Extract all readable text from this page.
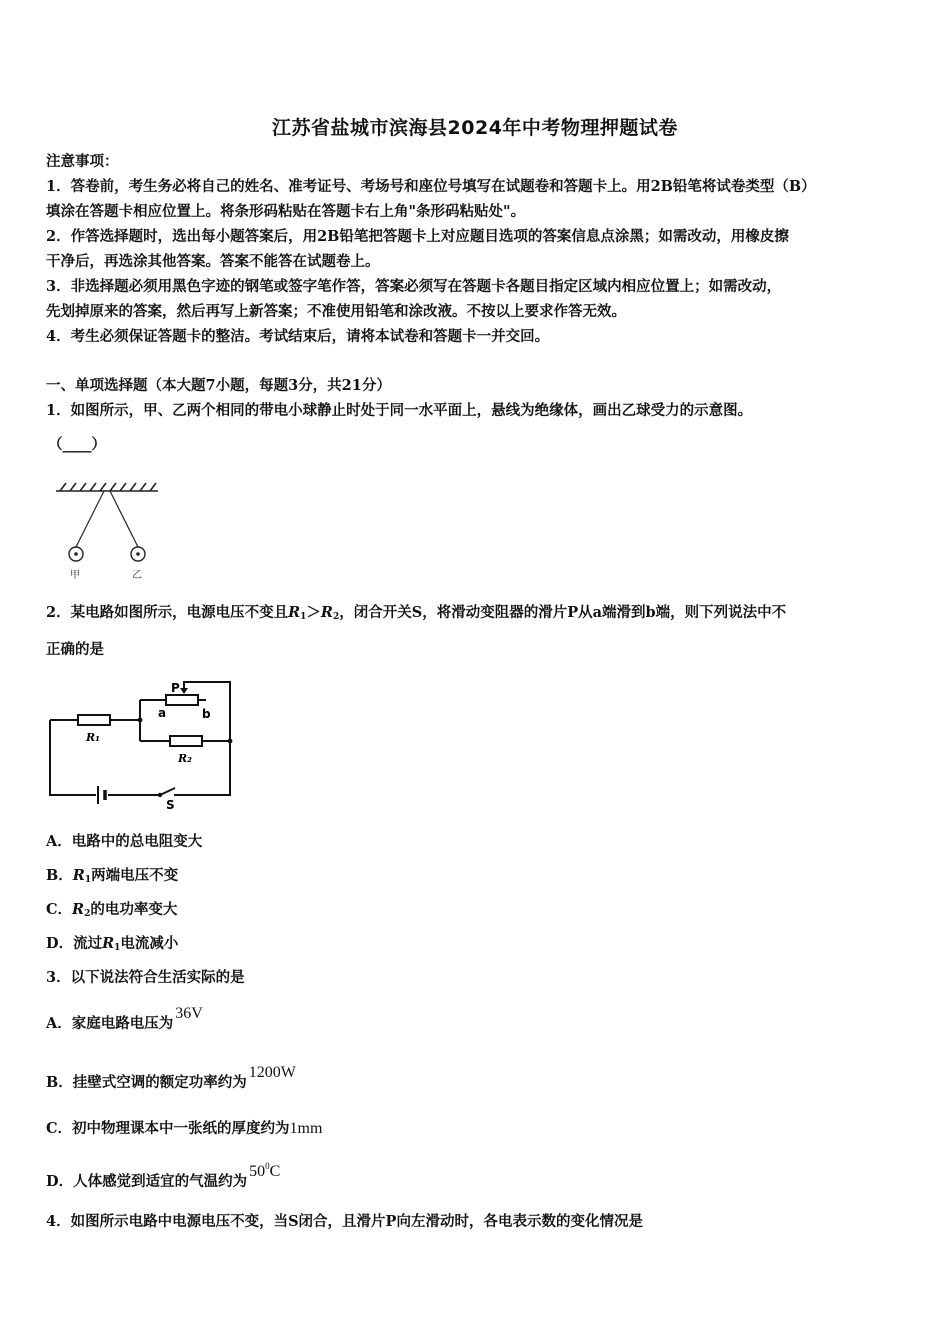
江苏省盐城市滨海县2024年中考物理押题试卷
注意事项：
1．答卷前，考生务必将自己的姓名、准考证号、考场号和座位号填写在试题卷和答题卡上。用2B铅笔将试卷类型（B）
填涂在答题卡相应位置上。将条形码粘贴在答题卡右上角"条形码粘贴处"。
2．作答选择题时，选出每小题答案后，用2B铅笔把答题卡上对应题目选项的答案信息点涂黑；如需改动，用橡皮擦
干净后，再选涂其他答案。答案不能答在试题卷上。
3．非选择题必须用黑色字迹的钢笔或签字笔作答，答案必须写在答题卡各题目指定区域内相应位置上；如需改动，
先划掉原来的答案，然后再写上新答案；不准使用铅笔和涂改液。不按以上要求作答无效。
4．考生必须保证答题卡的整洁。考试结束后，请将本试卷和答题卡一并交回。
一、单项选择题（本大题7小题，每题3分，共21分）
1．如图所示，甲、乙两个相同的带电小球静止时处于同一水平面上，悬线为绝缘体，画出乙球受力的示意图。
（____）
甲	乙
2．某电路如图所示，电源电压不变且$R_1>R_2$，闭合开关S，将滑动变阻器的滑片P从a端滑到b端，则下列说法中不
正确的是
P
a	b
R₁
R₂
S
A．电路中的总电阻变大
B．$R_1$两端电压不变
C．$R_2$的电功率变大
D．流过$R_1$电流减小
3．以下说法符合生活实际的是
A．家庭电路电压为36V
B．挂壁式空调的额定功率约为1200W
C．初中物理课本中一张纸的厚度约为1mm
D．人体感觉到适宜的气温约为$50^0C$
4．如图所示电路中电源电压不变，当S闭合，且滑片P向左滑动时，各电表示数的变化情况是
